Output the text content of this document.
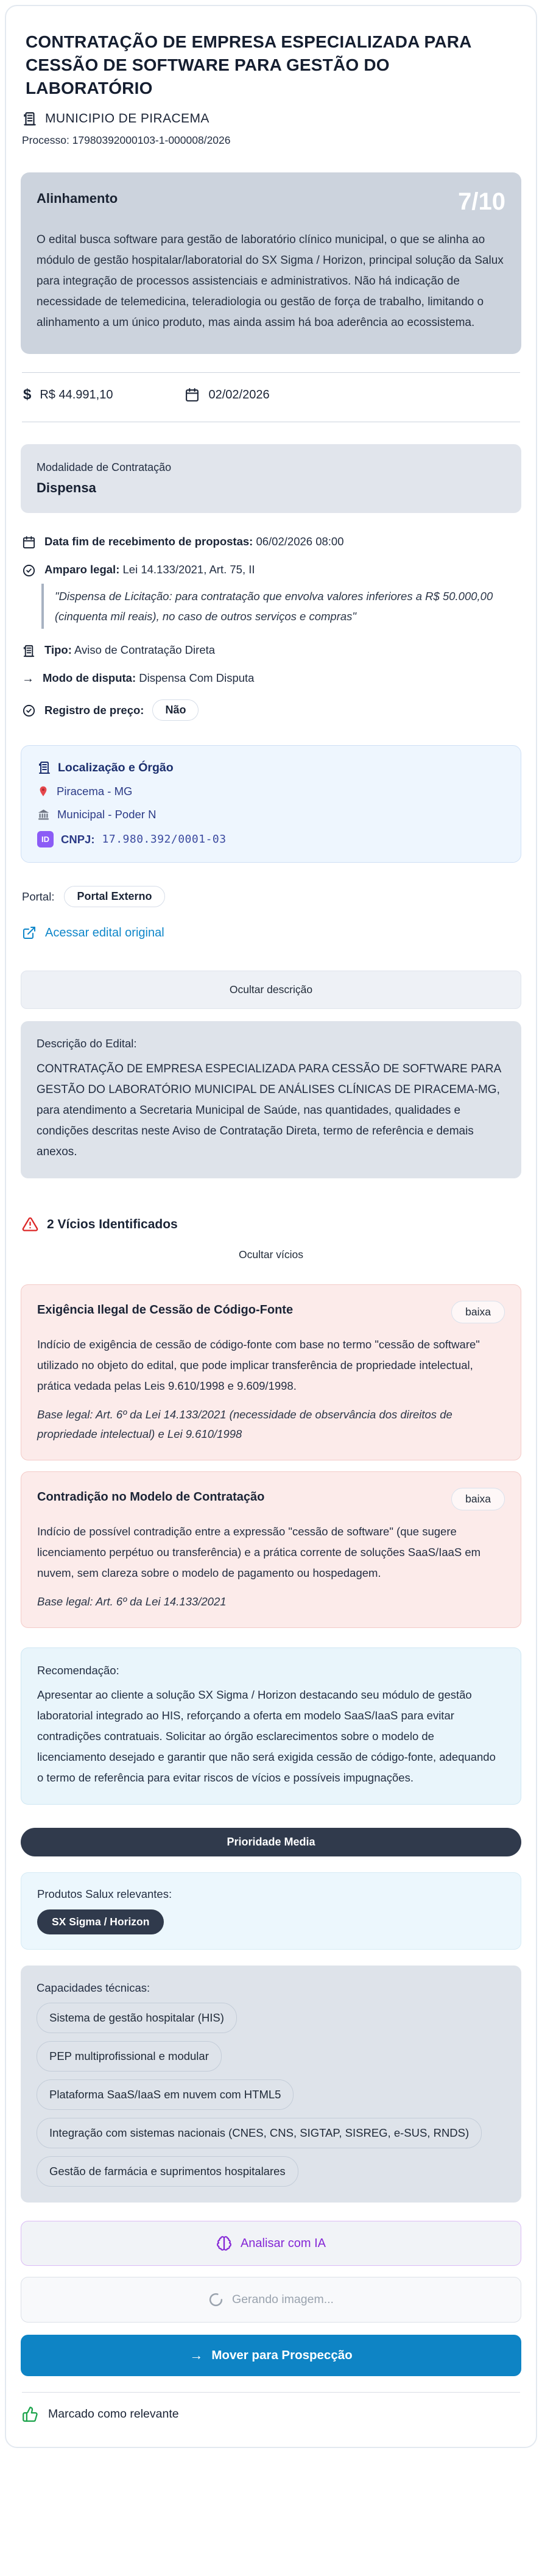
CONTRATAÇÃO DE EMPRESA ESPECIALIZADA PARA CESSÃO DE SOFTWARE PARA GESTÃO DO LABORATÓRIO
MUNICIPIO DE PIRACEMA
Processo: 17980392000103-1-000008/2026
Alinhamento	7/10

O edital busca software para gestão de laboratório clínico municipal, o que se alinha ao módulo de gestão hospitalar/laboratorial do SX Sigma / Horizon, principal solução da Salux para integração de processos assistenciais e administrativos. Não há indicação de necessidade de telemedicina, teleradiologia ou gestão de força de trabalho, limitando o alinhamento a um único produto, mas ainda assim há boa aderência ao ecossistema.

$ R$ 44.991,10	02/02/2026
Modalidade de Contratação
Dispensa
Data fim de recebimento de propostas: 06/02/2026 08:00
Amparo legal: Lei 14.133/2021, Art. 75, II
"Dispensa de Licitação: para contratação que envolva valores inferiores a R$ 50.000,00 (cinquenta mil reais), no caso de outros serviços e compras"
Tipo: Aviso de Contratação Direta
→ Modo de disputa: Dispensa Com Disputa
Registro de preço:	Não
Localização e Órgão
Piracema - MG
Municipal - Poder N
ID	CNPJ: 17.980.392/0001-03
Portal:	Portal Externo
Acessar edital original
Ocultar descrição
Descrição do Edital:

CONTRATAÇÃO DE EMPRESA ESPECIALIZADA PARA CESSÃO DE SOFTWARE PARA GESTÃO DO LABORATÓRIO MUNICIPAL DE ANÁLISES CLÍNICAS DE PIRACEMA-MG, para atendimento a Secretaria Municipal de Saúde, nas quantidades, qualidades e condições descritas neste Aviso de Contratação Direta, termo de referência e demais anexos.

2 Vícios Identificados
Ocultar vícios
Exigência Ilegal de Cessão de Código-Fonte	baixa

Indício de exigência de cessão de código-fonte com base no termo "cessão de software" utilizado no objeto do edital, que pode implicar transferência de propriedade intelectual, prática vedada pelas Leis 9.610/1998 e 9.609/1998.

Base legal: Art. 6º da Lei 14.133/2021 (necessidade de observância dos direitos de propriedade intelectual) e Lei 9.610/1998

Contradição no Modelo de Contratação	baixa

Indício de possível contradição entre a expressão "cessão de software" (que sugere licenciamento perpétuo ou transferência) e a prática corrente de soluções SaaS/IaaS em nuvem, sem clareza sobre o modelo de pagamento ou hospedagem.

Base legal: Art. 6º da Lei 14.133/2021

Recomendação:

Apresentar ao cliente a solução SX Sigma / Horizon destacando seu módulo de gestão laboratorial integrado ao HIS, reforçando a oferta em modelo SaaS/IaaS para evitar contradições contratuais. Solicitar ao órgão esclarecimentos sobre o modelo de licenciamento desejado e garantir que não será exigida cessão de código-fonte, adequando o termo de referência para evitar riscos de vícios e possíveis impugnações.

Prioridade Media
Produtos Salux relevantes:
SX Sigma / Horizon
Capacidades técnicas:
Sistema de gestão hospitalar (HIS)
PEP multiprofissional e modular
Plataforma SaaS/IaaS em nuvem com HTML5
Integração com sistemas nacionais (CNES, CNS, SIGTAP, SISREG, e-SUS, RNDS)
Gestão de farmácia e suprimentos hospitalares
Analisar com IA
Gerando imagem...
→ Mover para Prospecção
Marcado como relevante
